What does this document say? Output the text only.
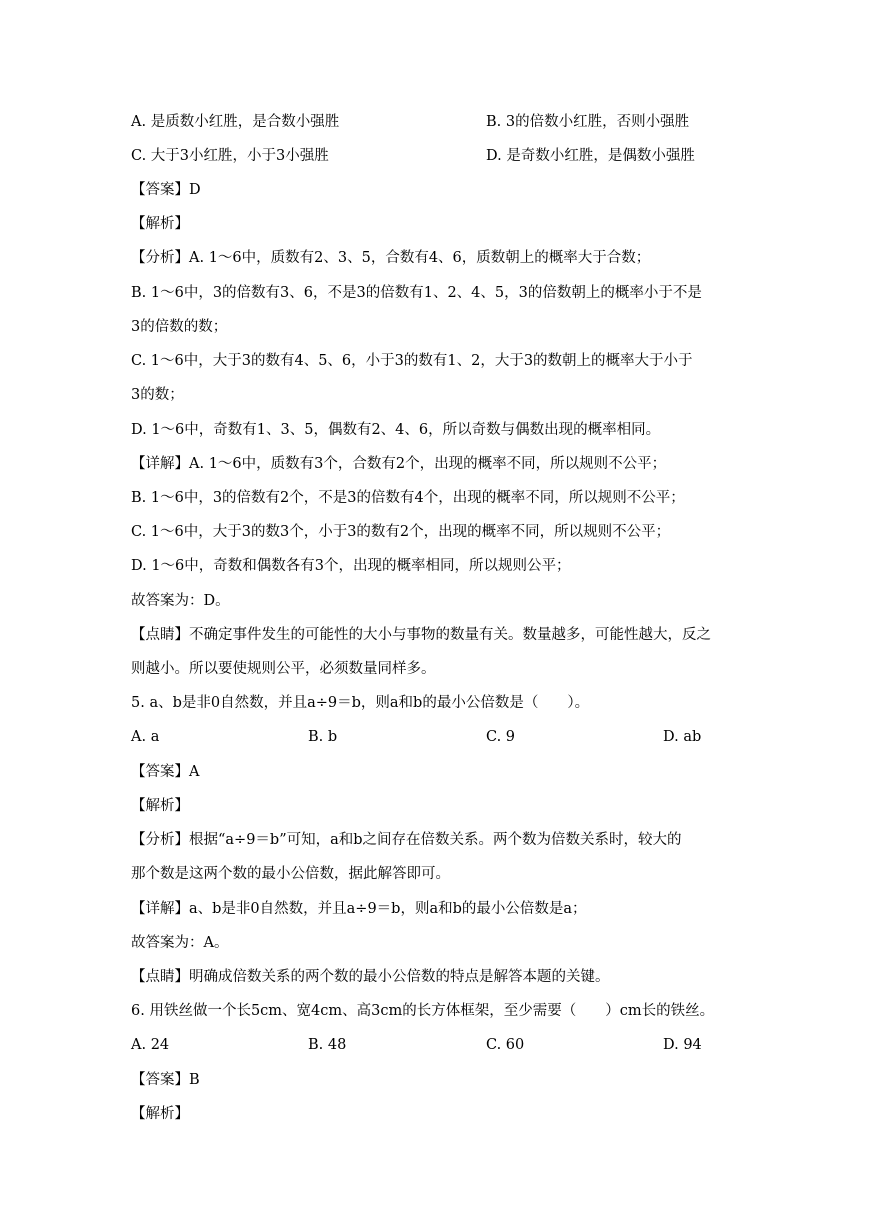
A. 是质数小红胜，是合数小强胜	B. 3的倍数小红胜，否则小强胜
C. 大于3小红胜，小于3小强胜	D. 是奇数小红胜，是偶数小强胜
【答案】D
【解析】
【分析】A. 1～6中，质数有2、3、5，合数有4、6，质数朝上的概率大于合数；
B. 1～6中，3的倍数有3、6，不是3的倍数有1、2、4、5，3的倍数朝上的概率小于不是
3的倍数的数；
C. 1～6中，大于3的数有4、5、6，小于3的数有1、2，大于3的数朝上的概率大于小于
3的数；
D. 1～6中，奇数有1、3、5，偶数有2、4、6，所以奇数与偶数出现的概率相同。
【详解】A. 1～6中，质数有3个，合数有2个，出现的概率不同，所以规则不公平；
B. 1～6中，3的倍数有2个，不是3的倍数有4个，出现的概率不同，所以规则不公平；
C. 1～6中，大于3的数3个，小于3的数有2个，出现的概率不同，所以规则不公平；
D. 1～6中，奇数和偶数各有3个，出现的概率相同，所以规则公平；
故答案为：D。
【点睛】不确定事件发生的可能性的大小与事物的数量有关。数量越多，可能性越大，反之
则越小。所以要使规则公平，必须数量同样多。
5. a、b是非0自然数，并且a÷9＝b，则a和b的最小公倍数是（　　）。
A. a	B. b	C. 9	D. ab
【答案】A
【解析】
【分析】根据“a÷9＝b”可知，a和b之间存在倍数关系。两个数为倍数关系时，较大的
那个数是这两个数的最小公倍数，据此解答即可。
【详解】a、b是非0自然数，并且a÷9＝b，则a和b的最小公倍数是a；
故答案为：A。
【点睛】明确成倍数关系的两个数的最小公倍数的特点是解答本题的关键。
6. 用铁丝做一个长5cm、宽4cm、高3cm的长方体框架，至少需要（　　）cm长的铁丝。
A. 24	B. 48	C. 60	D. 94
【答案】B
【解析】
